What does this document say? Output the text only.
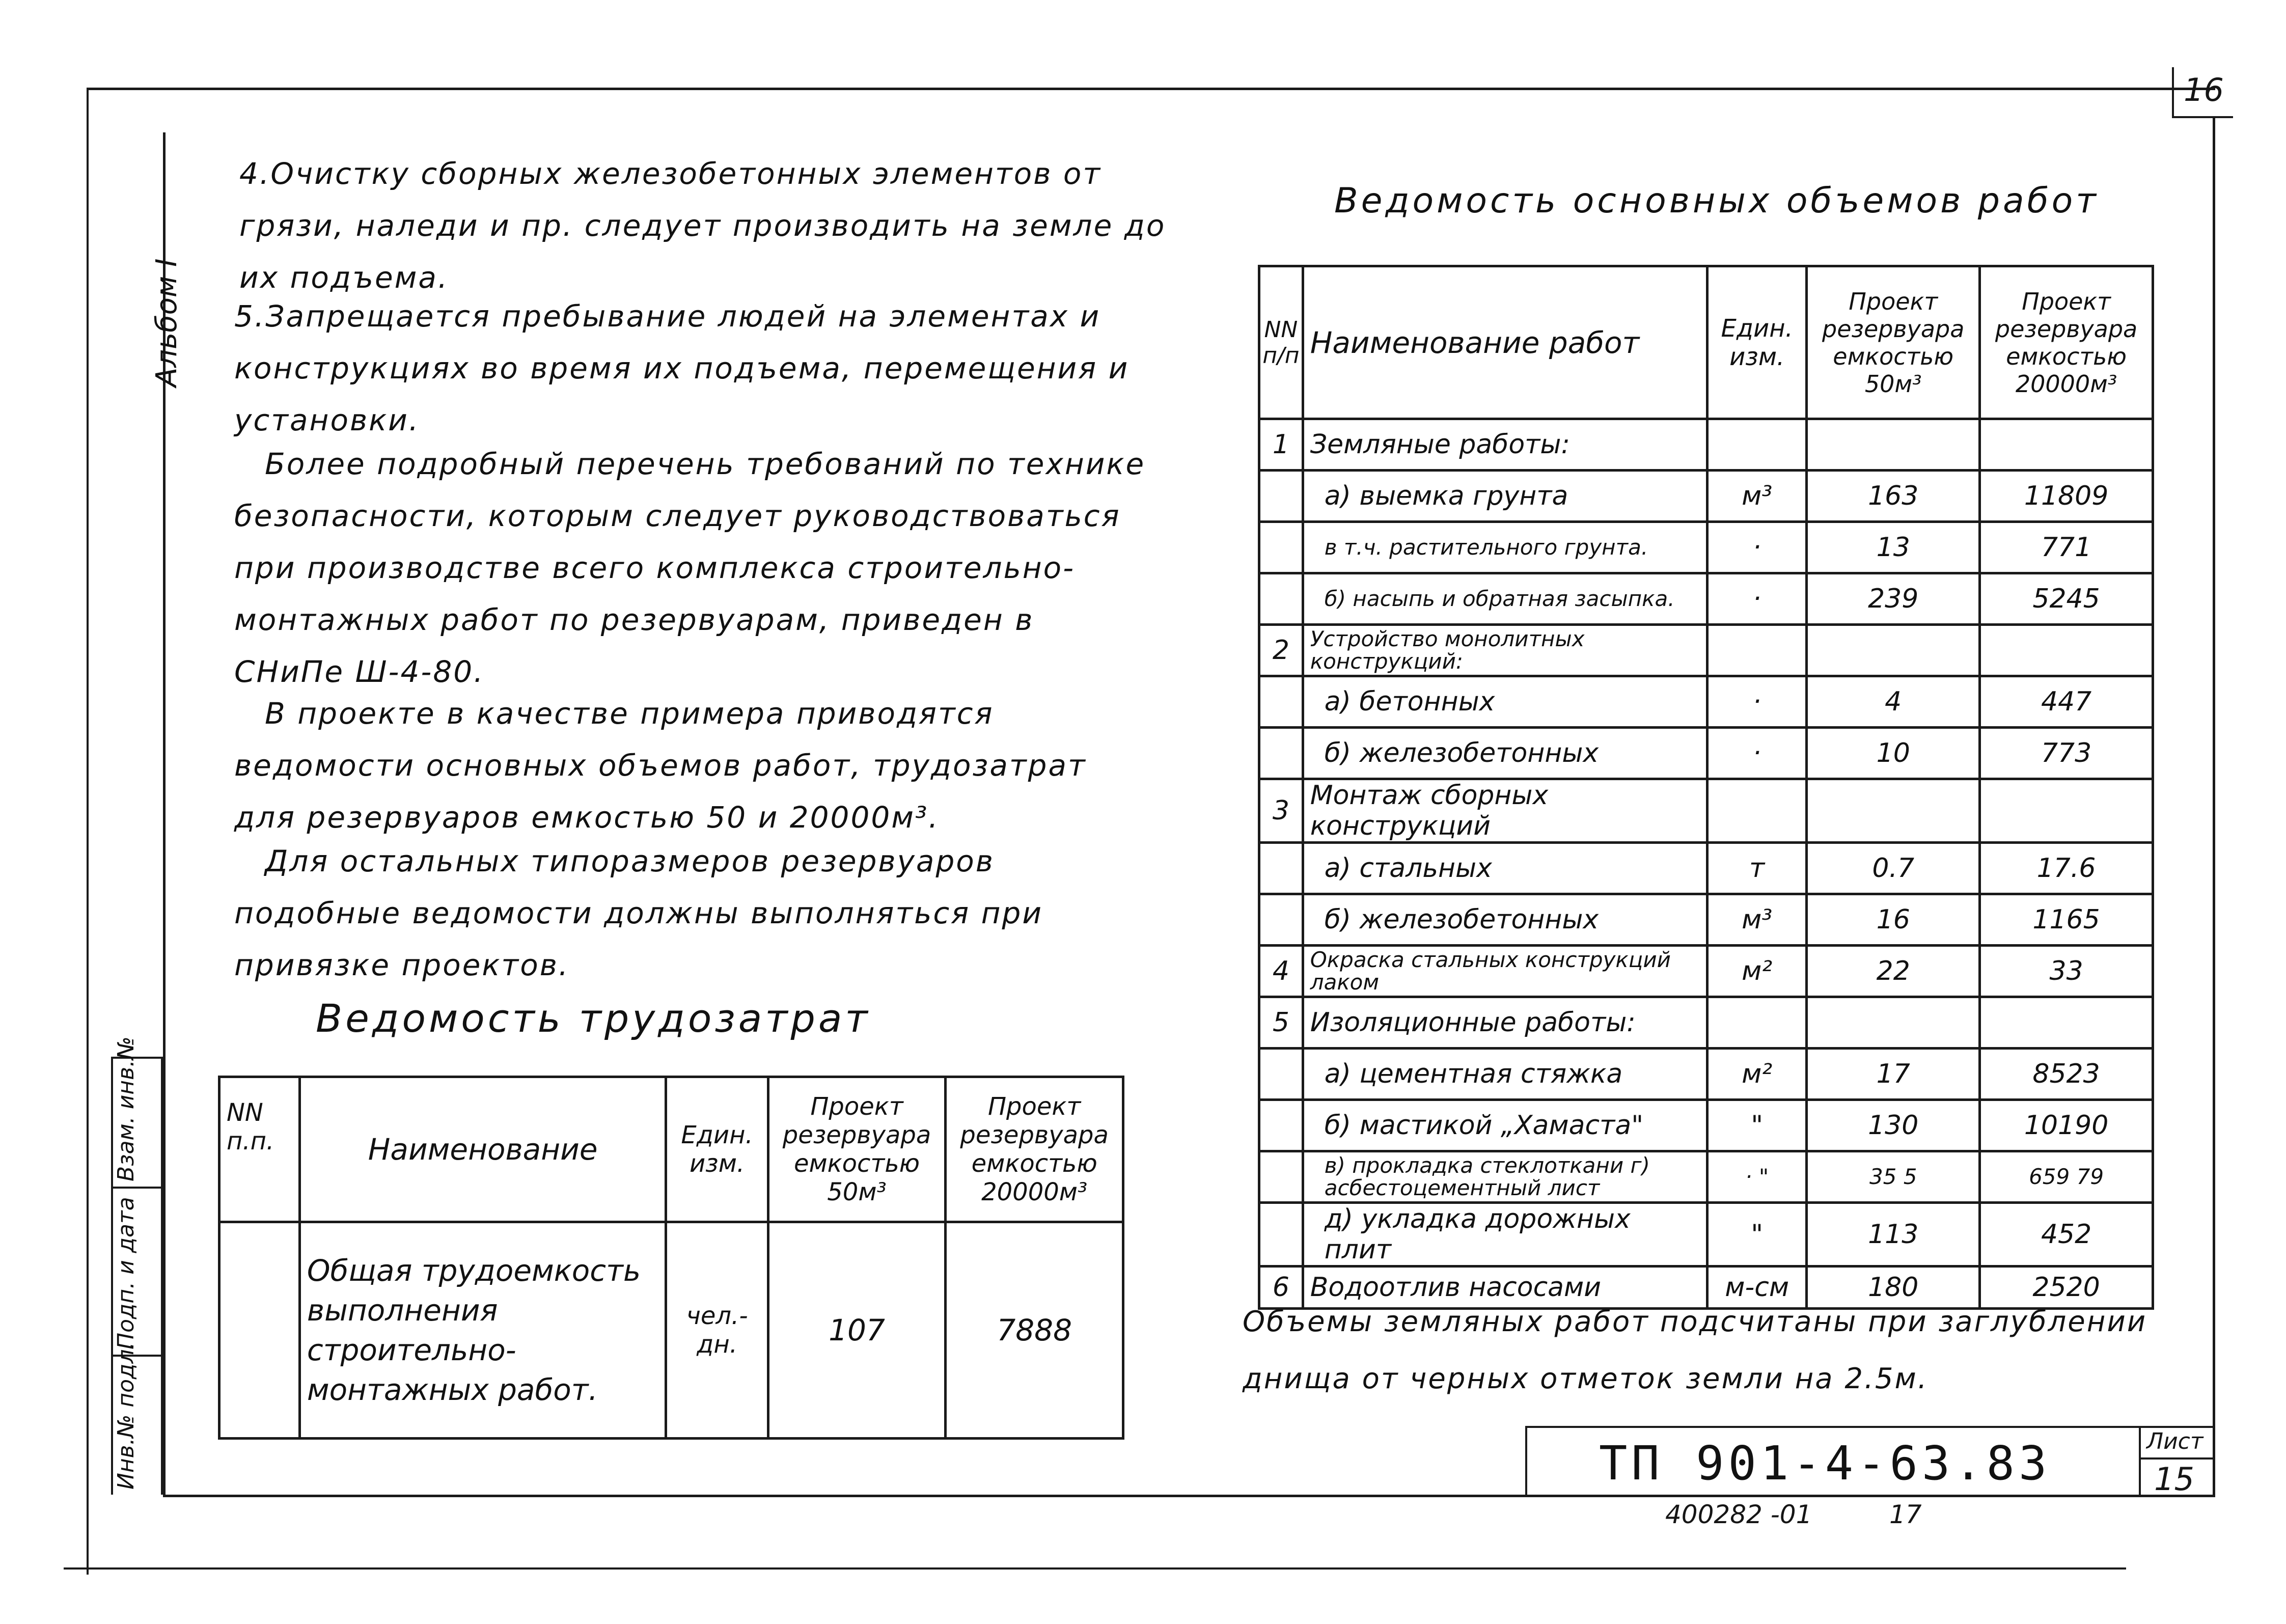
16
Инв.№ подл.
Подп. и дата
Взам. инв.№
Альбом I
4.Очистку сборных железобетонных элементов от
грязи, наледи и пр. следует производить на земле до
их подъема.
5.Запрещается пребывание людей на элементах и
конструкциях во время их подъема, перемещения и
установки.
Более подробный перечень требований по технике
безопасности, которым следует руководствоваться
при производстве всего комплекса строительно-
монтажных работ по резервуарам, приведен в
СНиПе Ш-4-80.
В проекте в качестве примера приводятся
ведомости основных объемов работ, трудозатрат
для резервуаров емкостью 50 и 20000м³.
Для остальных типоразмеров резервуаров
подобные ведомости должны выполняться при
привязке проектов.
Ведомость трудозатрат
NN п.п.	Наименование	Един. изм.	Проект резервуара емкостью 50м³	Проект резервуара емкостью 20000м³
	Общая трудоемкость выполнения строительно-монтажных работ.	чел.-дн.	107	7888
Ведомость основных объемов работ
NN п/п	Наименование работ	Един. изм.	Проект резервуара емкостью 50м³	Проект резервуара емкостью 20000м³
1	Земляные работы:			
	а) выемка грунта	м³	163	11809
	в т.ч. растительного грунта.	·	13	771
	б) насыпь и обратная засыпка.	·	239	5245
2	Устройство монолитных конструкций:			
	а) бетонных	·	4	447
	б) железобетонных	·	10	773
3	Монтаж сборных конструкций			
	а) стальных	т	0.7	17.6
	б) железобетонных	м³	16	1165
4	Окраска стальных конструкций лаком	м²	22	33
5	Изоляционные работы:			
	а) цементная стяжка	м²	17	8523
	б) мастикой „Хамаста"	"	130	10190
	в) прокладка стеклоткани г) асбестоцементный лист	· "	35 5	659 79
	д) укладка дорожных плит	"	113	452
6	Водоотлив насосами	м-см	180	2520
Объемы земляных работ подсчитаны при заглублении
днища от черных отметок земли на 2.5м.
ТП 901-4-63.83	Лист
15
400282 -01	17
